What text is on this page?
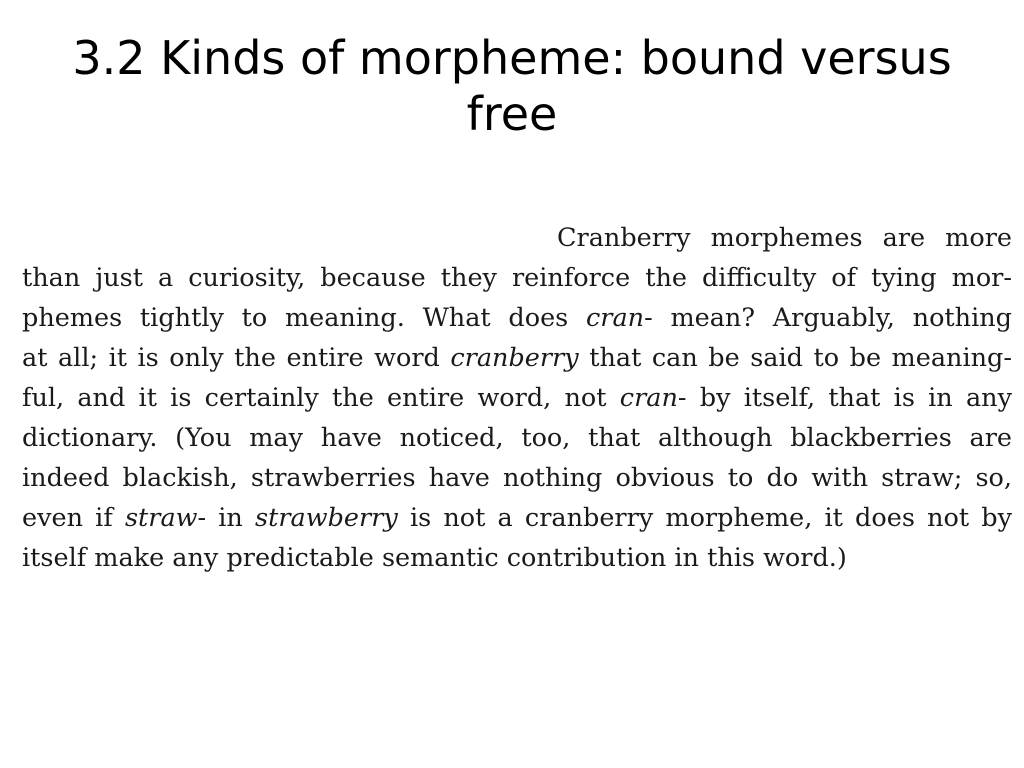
3.2 Kinds of morpheme: bound versus free
Cranberry morphemes are more
than just a curiosity, because they reinforce the difficulty of tying mor-
phemes tightly to meaning. What does cran- mean? Arguably, nothing
at all; it is only the entire word cranberry that can be said to be meaning-
ful, and it is certainly the entire word, not cran- by itself, that is in any
dictionary. (You may have noticed, too, that although blackberries are
indeed blackish, strawberries have nothing obvious to do with straw; so,
even if straw- in strawberry is not a cranberry morpheme, it does not by
itself make any predictable semantic contribution in this word.)
